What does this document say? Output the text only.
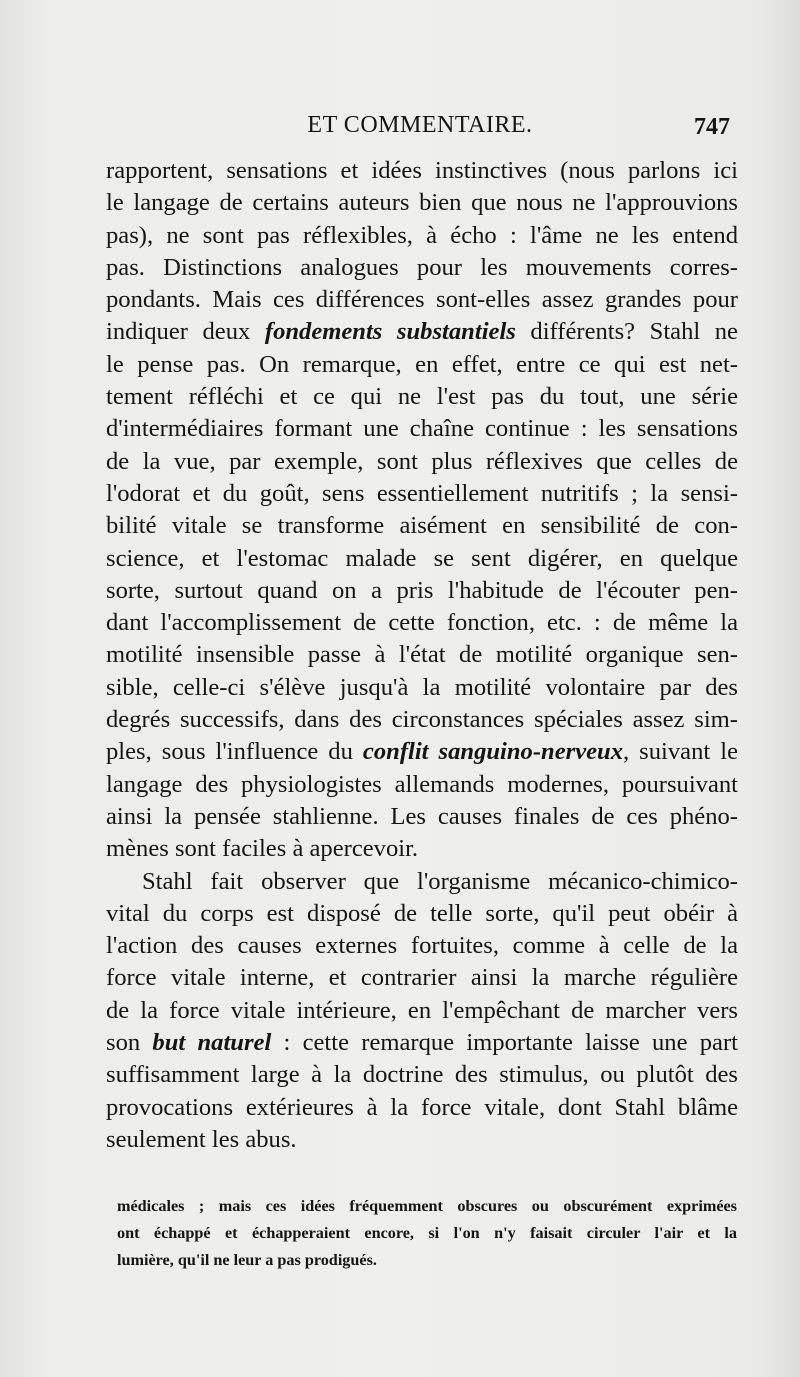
ET COMMENTAIRE.	747
rapportent, sensations et idées instinctives (nous parlons ici
le langage de certains auteurs bien que nous ne l'approuvions
pas), ne sont pas réflexibles, à écho : l'âme ne les entend
pas. Distinctions analogues pour les mouvements corres-
pondants. Mais ces différences sont-elles assez grandes pour
indiquer deux fondements substantiels différents? Stahl ne
le pense pas. On remarque, en effet, entre ce qui est net-
tement réfléchi et ce qui ne l'est pas du tout, une série
d'intermédiaires formant une chaîne continue : les sensations
de la vue, par exemple, sont plus réflexives que celles de
l'odorat et du goût, sens essentiellement nutritifs ; la sensi-
bilité vitale se transforme aisément en sensibilité de con-
science, et l'estomac malade se sent digérer, en quelque
sorte, surtout quand on a pris l'habitude de l'écouter pen-
dant l'accomplissement de cette fonction, etc. : de même la
motilité insensible passe à l'état de motilité organique sen-
sible, celle-ci s'élève jusqu'à la motilité volontaire par des
degrés successifs, dans des circonstances spéciales assez sim-
ples, sous l'influence du conflit sanguino-nerveux, suivant le
langage des physiologistes allemands modernes, poursuivant
ainsi la pensée stahlienne. Les causes finales de ces phéno-
mènes sont faciles à apercevoir.
Stahl fait observer que l'organisme mécanico-chimico-
vital du corps est disposé de telle sorte, qu'il peut obéir à
l'action des causes externes fortuites, comme à celle de la
force vitale interne, et contrarier ainsi la marche régulière
de la force vitale intérieure, en l'empêchant de marcher vers
son but naturel : cette remarque importante laisse une part
suffisamment large à la doctrine des stimulus, ou plutôt des
provocations extérieures à la force vitale, dont Stahl blâme
seulement les abus.
médicales ; mais ces idées fréquemment obscures ou obscurément exprimées
ont échappé et échapperaient encore, si l'on n'y faisait circuler l'air et la
lumière, qu'il ne leur a pas prodigués.
